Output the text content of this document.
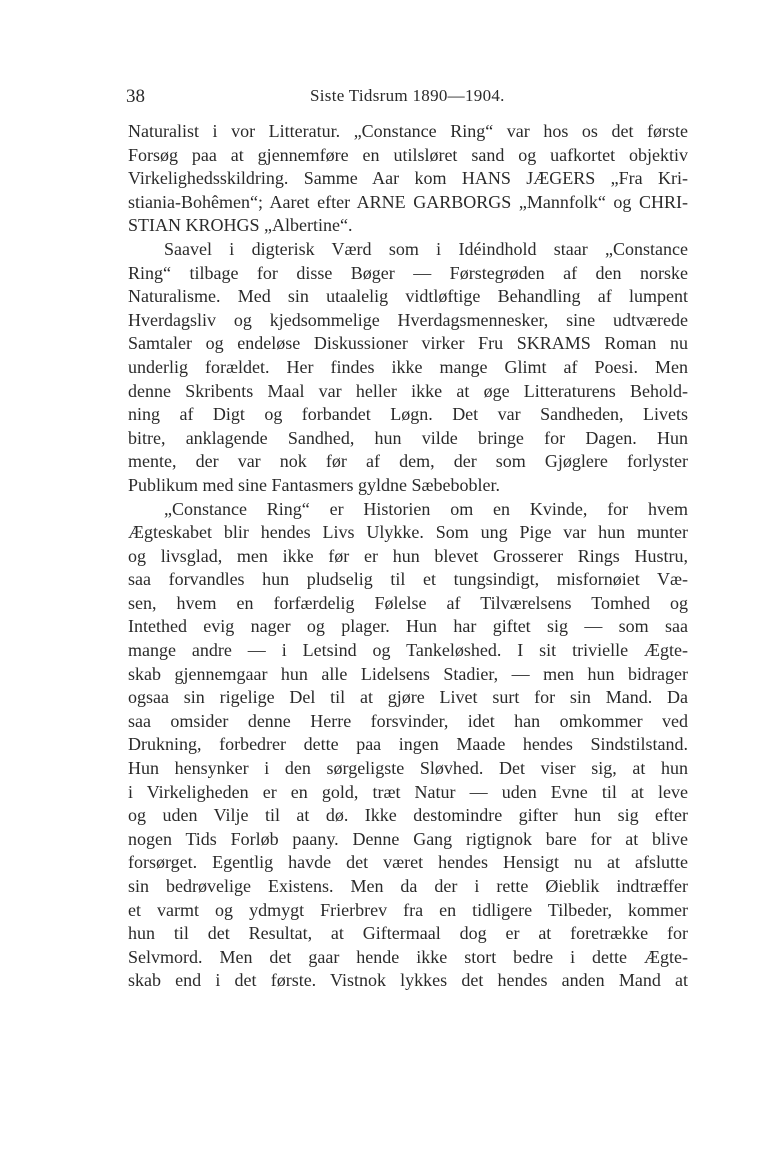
38	Siste Tidsrum 1890—1904.
Naturalist i vor Litteratur. „Constance Ring“ var hos os det første
Forsøg paa at gjennemføre en utilsløret sand og uafkortet objektiv
Virkelighedsskildring. Samme Aar kom HANS JÆGERS „Fra Kri-
stiania-Bohêmen“; Aaret efter ARNE GARBORGS „Mannfolk“ og CHRI-
STIAN KROHGS „Albertine“.
Saavel i digterisk Værd som i Idéindhold staar „Constance
Ring“ tilbage for disse Bøger — Førstegrøden af den norske
Naturalisme. Med sin utaalelig vidtløftige Behandling af lumpent
Hverdagsliv og kjedsommelige Hverdagsmennesker, sine udtværede
Samtaler og endeløse Diskussioner virker Fru SKRAMS Roman nu
underlig forældet. Her findes ikke mange Glimt af Poesi. Men
denne Skribents Maal var heller ikke at øge Litteraturens Behold-
ning af Digt og forbandet Løgn. Det var Sandheden, Livets
bitre, anklagende Sandhed, hun vilde bringe for Dagen. Hun
mente, der var nok før af dem, der som Gjøglere forlyster
Publikum med sine Fantasmers gyldne Sæbebobler.
„Constance Ring“ er Historien om en Kvinde, for hvem
Ægteskabet blir hendes Livs Ulykke. Som ung Pige var hun munter
og livsglad, men ikke før er hun blevet Grosserer Rings Hustru,
saa forvandles hun pludselig til et tungsindigt, misfornøiet Væ-
sen, hvem en forfærdelig Følelse af Tilværelsens Tomhed og
Intethed evig nager og plager. Hun har giftet sig — som saa
mange andre — i Letsind og Tankeløshed. I sit trivielle Ægte-
skab gjennemgaar hun alle Lidelsens Stadier, — men hun bidrager
ogsaa sin rigelige Del til at gjøre Livet surt for sin Mand. Da
saa omsider denne Herre forsvinder, idet han omkommer ved
Drukning, forbedrer dette paa ingen Maade hendes Sindstilstand.
Hun hensynker i den sørgeligste Sløvhed. Det viser sig, at hun
i Virkeligheden er en gold, træt Natur — uden Evne til at leve
og uden Vilje til at dø. Ikke destomindre gifter hun sig efter
nogen Tids Forløb paany. Denne Gang rigtignok bare for at blive
forsørget. Egentlig havde det været hendes Hensigt nu at afslutte
sin bedrøvelige Existens. Men da der i rette Øieblik indtræffer
et varmt og ydmygt Frierbrev fra en tidligere Tilbeder, kommer
hun til det Resultat, at Giftermaal dog er at foretrække for
Selvmord. Men det gaar hende ikke stort bedre i dette Ægte-
skab end i det første. Vistnok lykkes det hendes anden Mand at
